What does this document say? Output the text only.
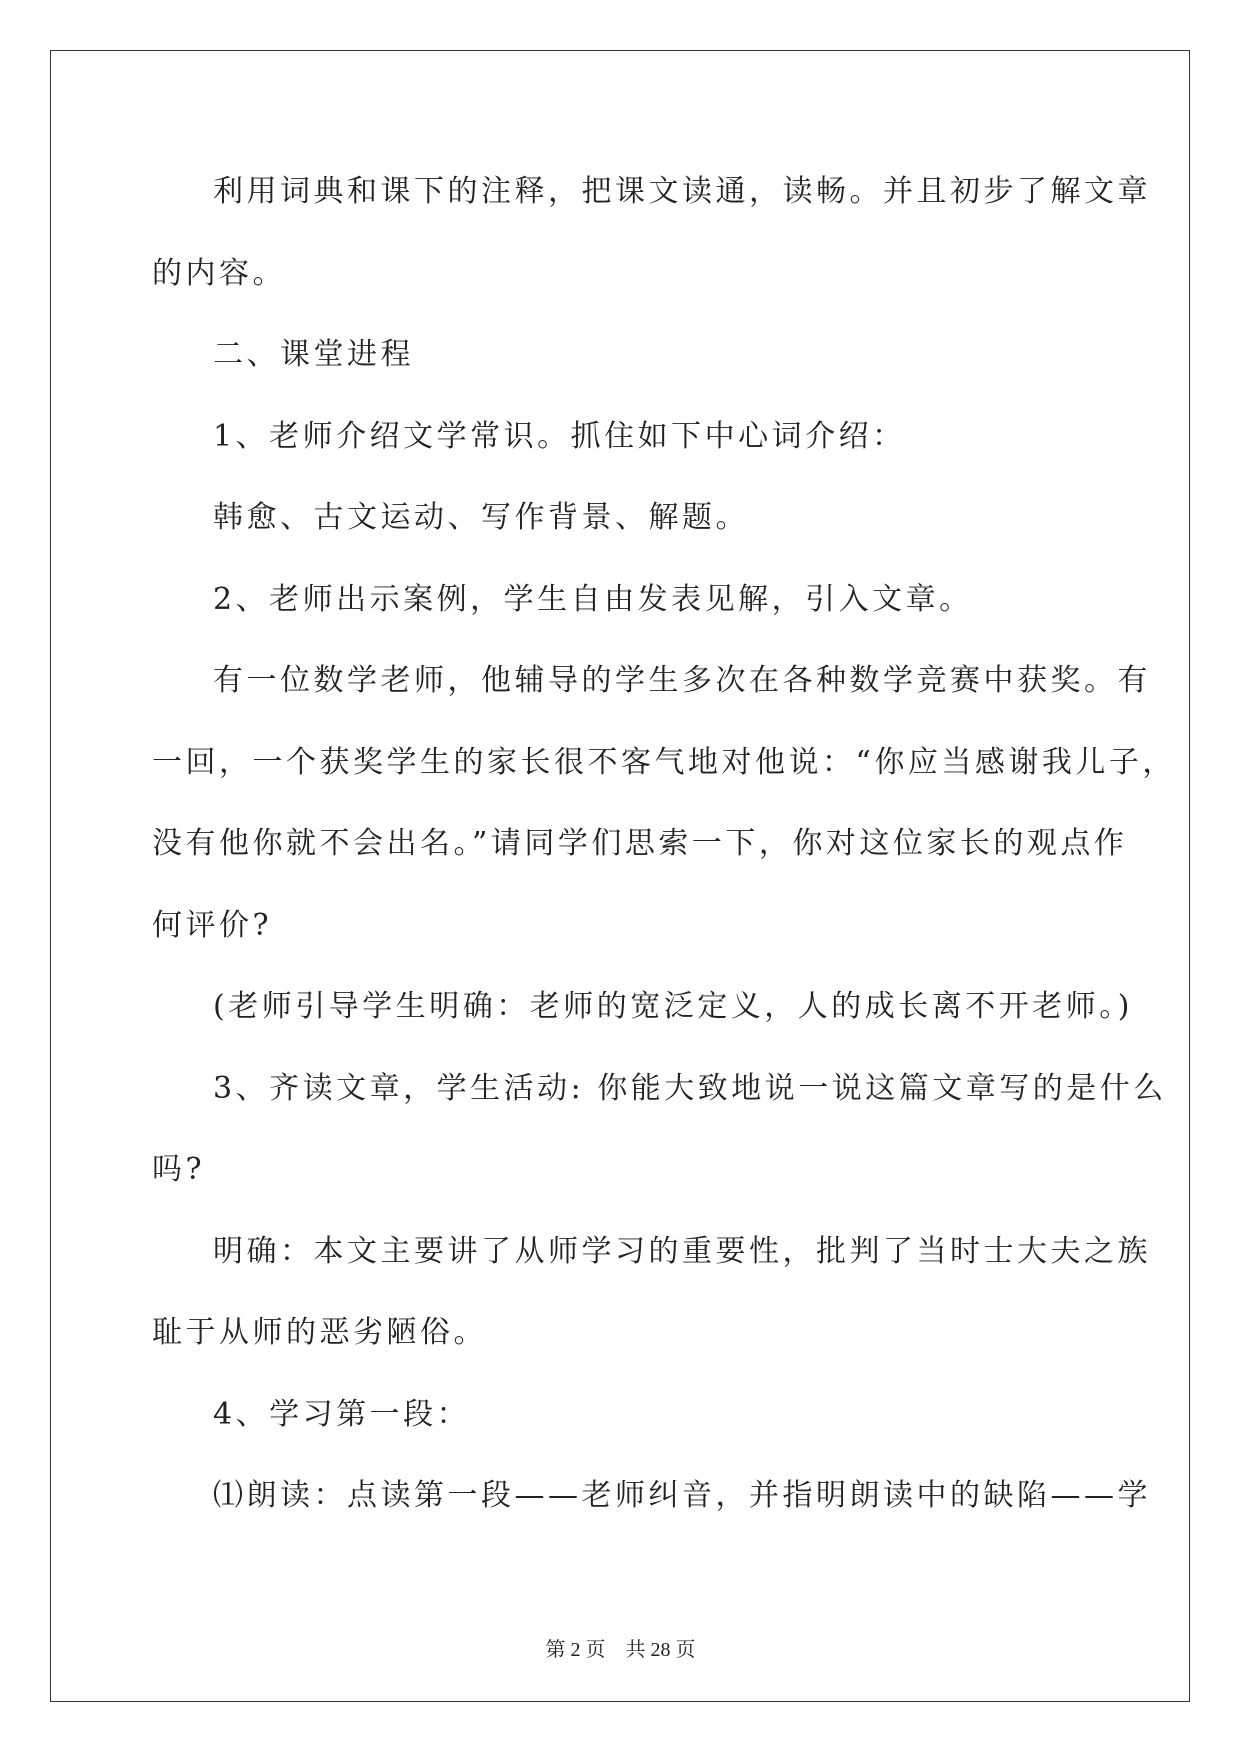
利用词典和课下的注释，把课文读通，读畅。并且初步了解文章
的内容。
二、课堂进程
1、老师介绍文学常识。抓住如下中心词介绍：
韩愈、古文运动、写作背景、解题。
2、老师出示案例，学生自由发表见解，引入文章。
有一位数学老师，他辅导的学生多次在各种数学竞赛中获奖。有
一回，一个获奖学生的家长很不客气地对他说：“你应当感谢我儿子，
没有他你就不会出名。”请同学们思索一下，你对这位家长的观点作
何评价?
(老师引导学生明确：老师的宽泛定义，人的成长离不开老师。)
3、齐读文章，学生活动: 你能大致地说一说这篇文章写的是什么
吗?
明确：本文主要讲了从师学习的重要性，批判了当时士大夫之族
耻于从师的恶劣陋俗。
4、学习第一段：
⑴朗读：点读第一段——老师纠音，并指明朗读中的缺陷——学
第 2 页 共 28 页
